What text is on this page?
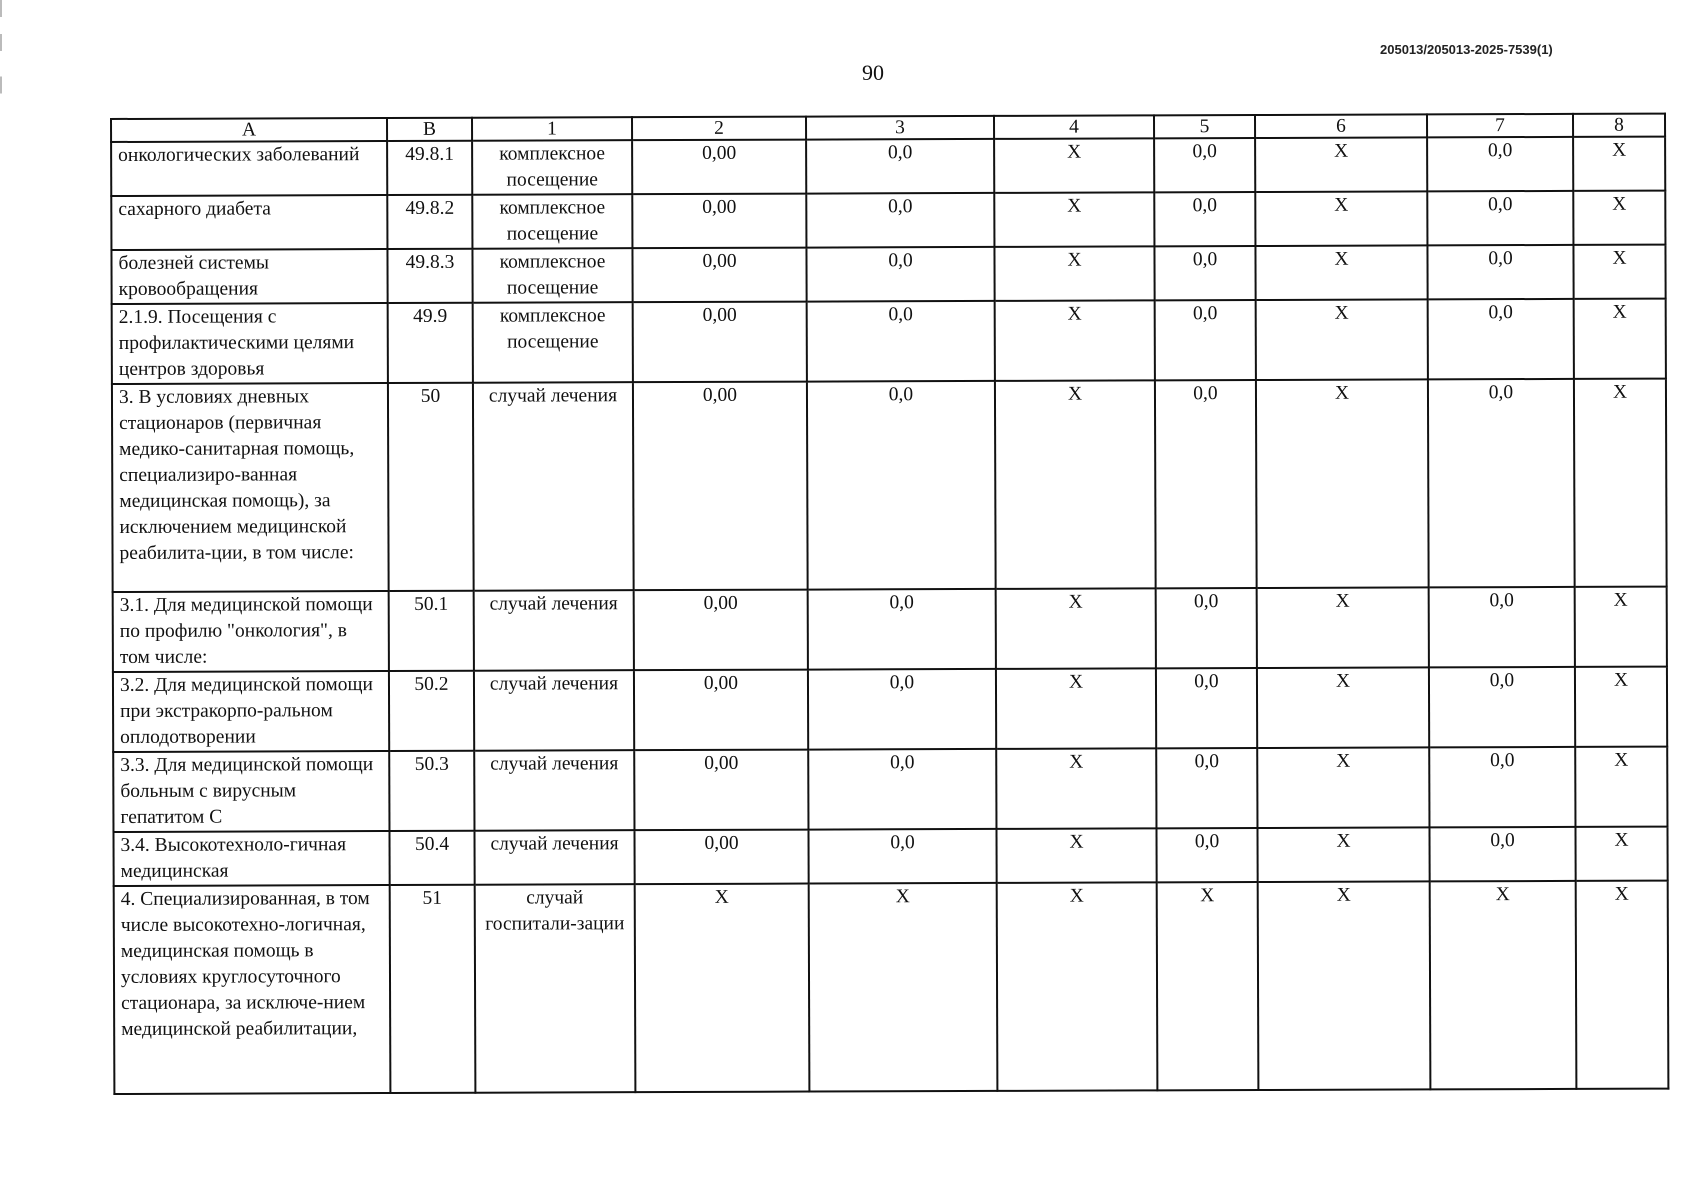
205013/205013-2025-7539(1)
90
А	В	1	2	3	4	5	6	7	8
онкологических заболеваний	49.8.1	комплексное посещение	0,00	0,0	Х	0,0	Х	0,0	Х
сахарного диабета	49.8.2	комплексное посещение	0,00	0,0	Х	0,0	Х	0,0	Х
болезней системы кровообращения	49.8.3	комплексное посещение	0,00	0,0	Х	0,0	Х	0,0	Х
2.1.9. Посещения с профилактическими целями центров здоровья	49.9	комплексное посещение	0,00	0,0	Х	0,0	Х	0,0	Х
3. В условиях дневных стационаров (первичная медико-санитарная помощь, специализиро-ванная медицинская помощь), за исключением медицинской реабилита-ции, в том числе:	50	случай лечения	0,00	0,0	Х	0,0	Х	0,0	Х
3.1. Для медицинской помощи по профилю "онкология", в том числе:	50.1	случай лечения	0,00	0,0	Х	0,0	Х	0,0	Х
3.2. Для медицинской помощи при экстракорпо-ральном оплодотворении	50.2	случай лечения	0,00	0,0	Х	0,0	Х	0,0	Х
3.3. Для медицинской помощи больным с вирусным гепатитом С	50.3	случай лечения	0,00	0,0	Х	0,0	Х	0,0	Х
3.4. Высокотехноло-гичная медицинская	50.4	случай лечения	0,00	0,0	Х	0,0	Х	0,0	Х
4. Специализированная, в том числе высокотехно-логичная, медицинская помощь в условиях круглосуточного стационара, за исключе-нием медицинской реабилитации,	51	случай госпитали-зации	Х	Х	Х	Х	Х	Х	Х
